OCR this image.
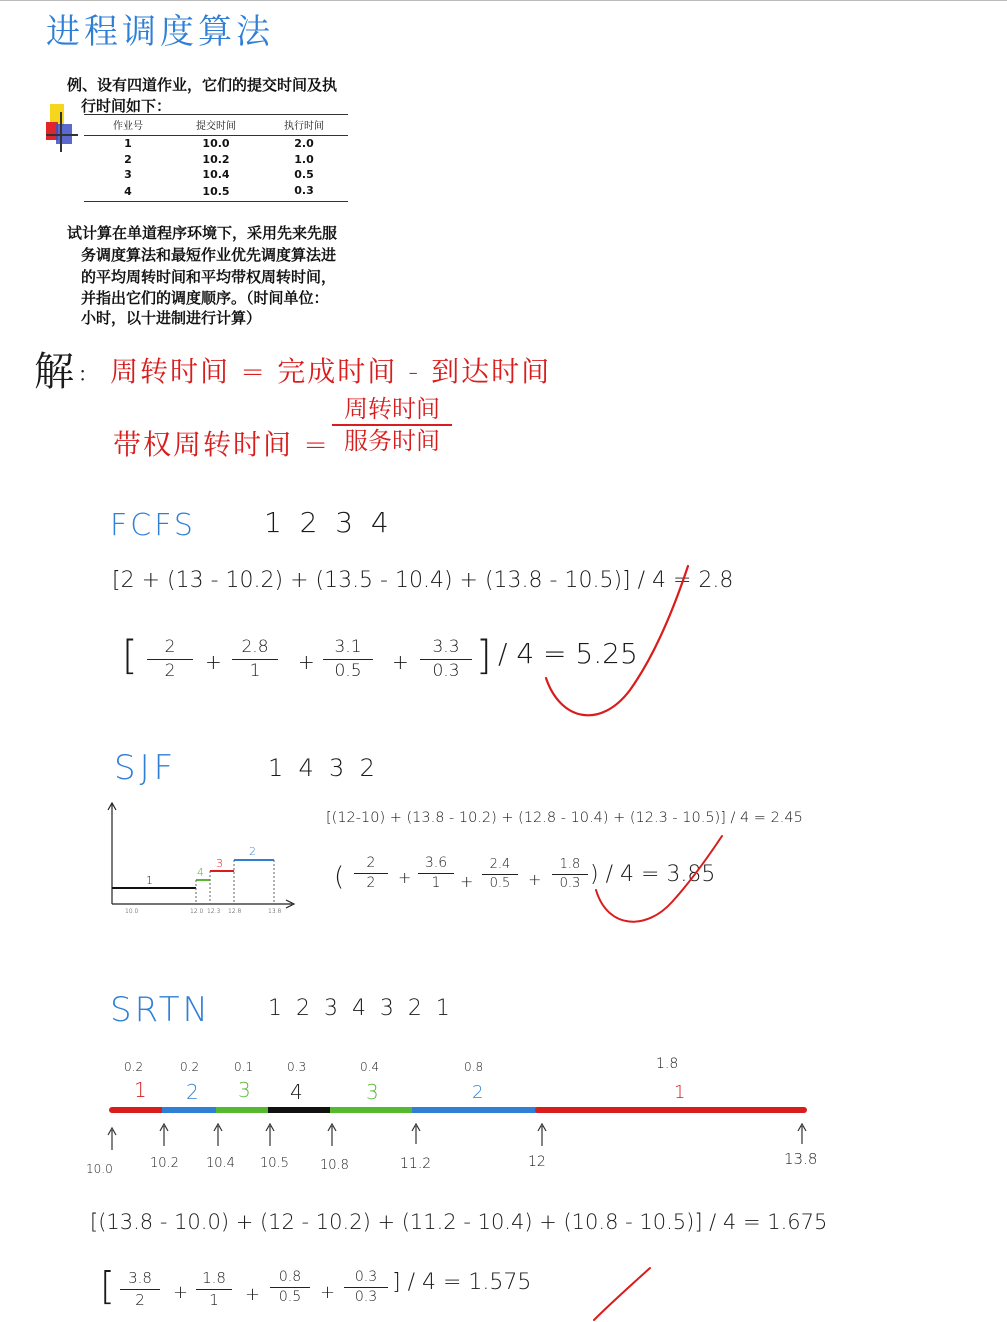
进程调度算法
例、设有四道作业，它们的提交时间及执
行时间如下：
作业号	提交时间	执行时间
1	10.0	2.0
2	10.2	1.0
3	10.4	0.5
4	10.5	0.3
试计算在单道程序环境下，采用先来先服
务调度算法和最短作业优先调度算法进
的平均周转时间和平均带权周转时间，
并指出它们的调度顺序。（时间单位：
小时，以十进制进行计算）
解 ： 周转时间 = 完成时间 - 到达时间
带权周转时间 =
周转时间
服务时间
FCFS 1  2  3  4
[2 + (13 - 10.2) + (13.5 - 10.4) + (13.8 - 10.5)] / 4 = 2.8
[	2
2	+
2.8
1	+
3.1
0.5	+
3.3
0.3 ] / 4 = 5.25
SJF	1  4  3  2
1
4
3
2
10.0	12.0 12.3 12.8	13.8
[(12-10) + (13.8 - 10.2) + (12.8 - 10.4) + (12.3 - 10.5)] / 4 = 2.45
(	2
2	+
3.6
1	+
2.4
0.5	+
1.8
0.3 ) / 4 = 3.85
SRTN	1  2  3  4  3  2  1
0.2	0.2	0.1	0.3	0.4	0.8	1.8
1 2 3 4	3	2	1
10.0	10.2 10.4 10.5 10.8	11.2	12	13.8
[(13.8 - 10.0) + (12 - 10.2) + (11.2 - 10.4) + (10.8 - 10.5)] / 4 = 1.675
[ 3.8
2	+
1.8
1	+
0.8
0.5	+
0.3
0.3
] / 4 = 1.575
